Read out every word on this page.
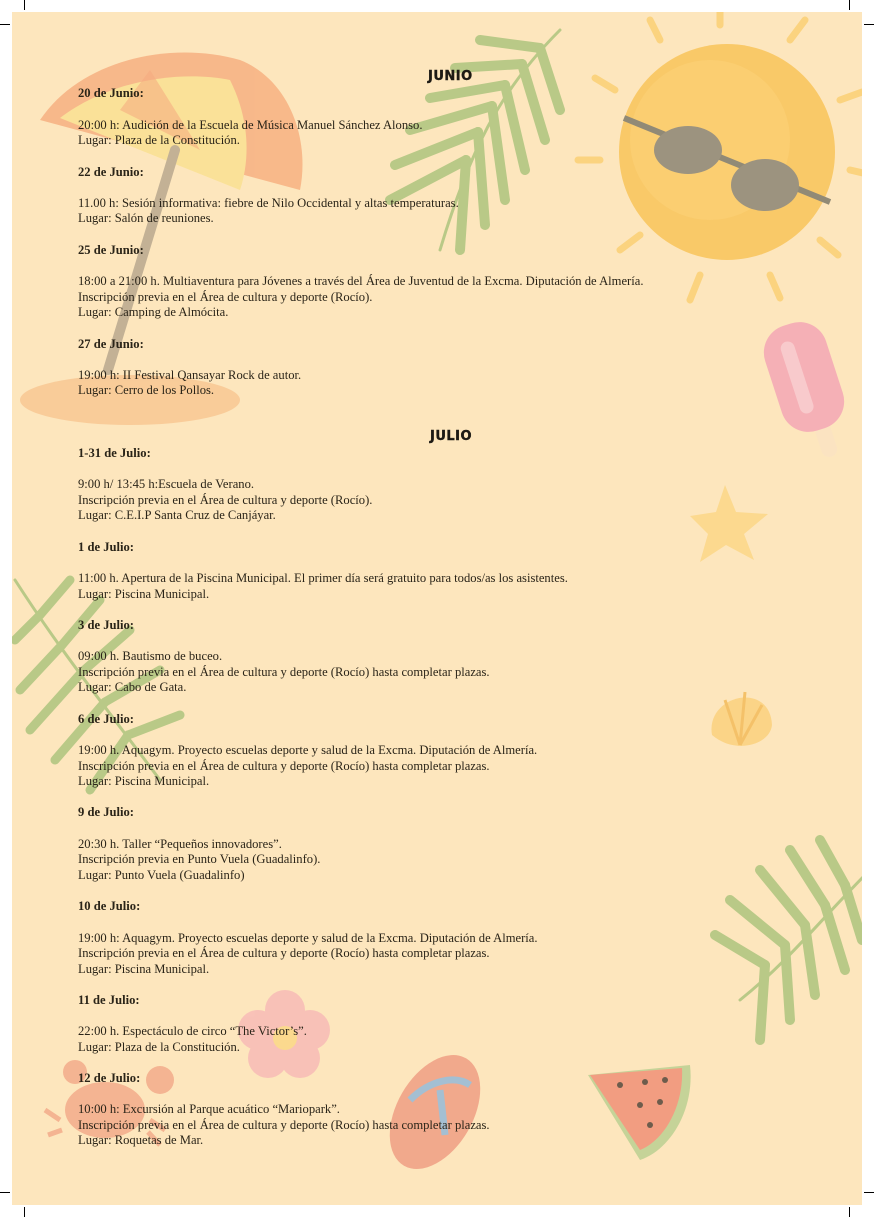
JUNIO
20 de Junio:
20:00 h: Audición de la Escuela de Música Manuel Sánchez Alonso.
Lugar: Plaza de la Constitución.
22 de Junio:
11.00 h: Sesión informativa: fiebre de Nilo Occidental y altas temperaturas.
Lugar: Salón de reuniones.
25 de Junio:
18:00 a 21:00 h. Multiaventura para Jóvenes a través del Área de Juventud de la Excma. Diputación de Almería.
Inscripción previa en el Área de cultura y deporte (Rocío).
Lugar: Camping de Almócita.
27 de Junio:
19:00 h: II Festival Qansayar Rock de autor.
Lugar: Cerro de los Pollos.
JULIO
1-31 de Julio:
9:00 h/ 13:45 h:Escuela de Verano.
Inscripción previa en el Área de cultura y deporte (Rocío).
Lugar: C.E.I.P Santa Cruz de Canjáyar.
1 de Julio:
11:00 h. Apertura de la Piscina Municipal. El primer día será gratuito para todos/as los asistentes.
Lugar: Piscina Municipal.
3 de Julio:
09:00 h. Bautismo de buceo.
Inscripción previa en el Área de cultura y deporte (Rocío) hasta completar plazas.
Lugar: Cabo de Gata.
6 de Julio:
19:00 h. Aquagym. Proyecto escuelas deporte y salud de la Excma. Diputación de Almería.
Inscripción previa en el Área de cultura y deporte (Rocío) hasta completar plazas.
Lugar: Piscina Municipal.
9 de Julio:
20:30 h. Taller “Pequeños innovadores”.
Inscripción previa en Punto Vuela (Guadalinfo).
Lugar: Punto Vuela (Guadalinfo)
10 de Julio:
19:00 h: Aquagym. Proyecto escuelas deporte y salud de la Excma. Diputación de Almería.
Inscripción previa en el Área de cultura y deporte (Rocío) hasta completar plazas.
Lugar: Piscina Municipal.
11 de Julio:
22:00 h. Espectáculo de circo “The Victor’s”.
Lugar: Plaza de la Constitución.
12 de Julio:
10:00 h: Excursión al Parque acuático “Mariopark”.
Inscripción previa en el Área de cultura y deporte (Rocío) hasta completar plazas.
Lugar: Roquetas de Mar.
